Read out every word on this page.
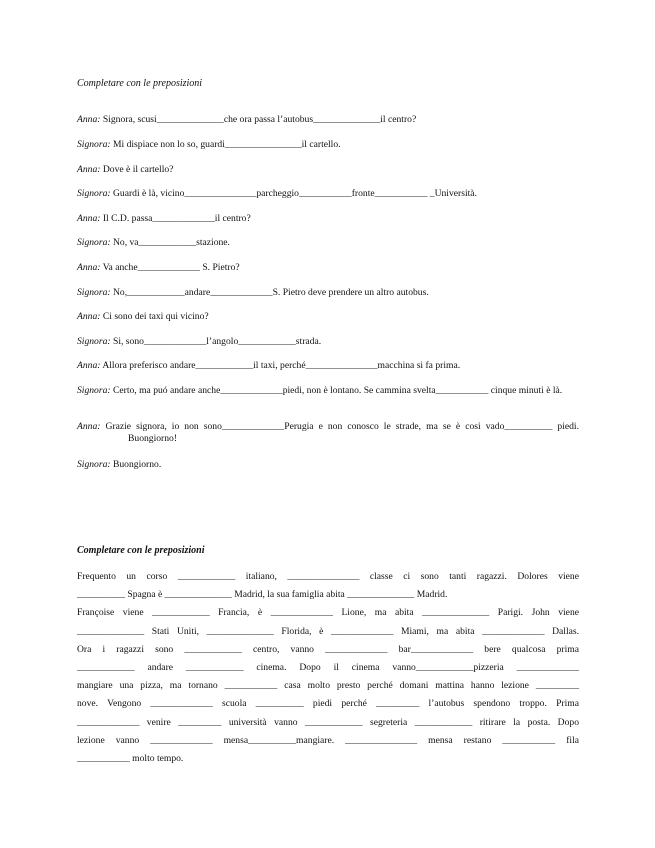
Completare con le preposizioni
Anna: Signora, scusi______________che ora passa l’autobus______________il centro?
Signora: Mi dispiace non lo so, guardi________________il cartello.
Anna: Dove è il cartello?
Signora: Guardi è là, vicino_______________parcheggio___________fronte___________ _Università.
Anna: Il C.D. passa_____________il centro?
Signora: No, va____________stazione.
Anna: Va anche_____________ S. Pietro?
Signora: No,____________andare_____________S. Pietro deve prendere un altro autobus.
Anna: Ci sono dei taxi qui vicino?
Signora: Si, sono_____________l’angolo____________strada.
Anna: Allora preferisco andare____________il taxi, perché_______________macchina si fa prima.
Signora: Certo, ma puó andare anche_____________piedi, non è lontano. Se cammina svelta___________ cinque minuti è là.
Anna: Grazie signora, io non sono_____________Perugia e non conosco le strade, ma se è cosi vado__________ piedi. Buongiorno!
Signora: Buongiorno.
Completare con le preposizioni
Frequento un corso ____________ italiano, _______________ classe ci sono tanti ragazzi. Dolores viene
__________ Spagna è ______________ Madrid, la sua famiglia abita ______________ Madrid.
Françoise viene ____________ Francia, è _____________ Lione, ma abita ______________ Parigi. John viene
______________ Stati Uniti, ______________ Florida, è _____________ Miami, ma abita _____________ Dallas.
Ora i ragazzi sono ____________ centro, vanno _____________ bar_____________ bere qualcosa prima
____________ andare ____________ cinema. Dopo il cinema vanno____________pizzeria _____________
mangiare una pizza, ma tornano ___________ casa molto presto perché domani mattina hanno lezione _________
nove. Vengono _____________ scuola __________ piedi perché _________ l’autobus spendono troppo. Prima
_____________ venire _________ università vanno ____________ segreteria ____________ ritirare la posta. Dopo
lezione vanno _____________ mensa__________mangiare. _______________ mensa restano ___________ fila
___________ molto tempo.
